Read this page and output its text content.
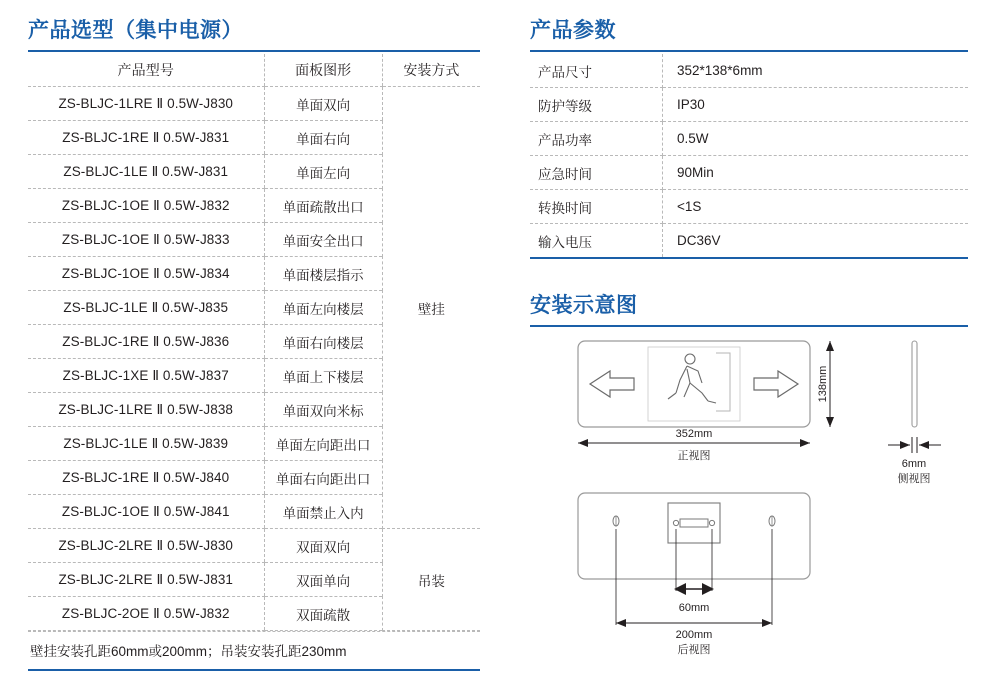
产品选型（集中电源）
产品型号	面板图形	安装方式
ZS-BLJC-1LRE Ⅱ 0.5W-J830	单面双向	壁挂
ZS-BLJC-1RE Ⅱ 0.5W-J831	单面右向	
ZS-BLJC-1LE Ⅱ 0.5W-J831	单面左向	
ZS-BLJC-1OE Ⅱ 0.5W-J832	单面疏散出口	
ZS-BLJC-1OE Ⅱ 0.5W-J833	单面安全出口	
ZS-BLJC-1OE Ⅱ 0.5W-J834	单面楼层指示	
ZS-BLJC-1LE Ⅱ 0.5W-J835	单面左向楼层	
ZS-BLJC-1RE Ⅱ 0.5W-J836	单面右向楼层	
ZS-BLJC-1XE Ⅱ 0.5W-J837	单面上下楼层	
ZS-BLJC-1LRE Ⅱ 0.5W-J838	单面双向米标	
ZS-BLJC-1LE Ⅱ 0.5W-J839	单面左向距出口	
ZS-BLJC-1RE Ⅱ 0.5W-J840	单面右向距出口	
ZS-BLJC-1OE Ⅱ 0.5W-J841	单面禁止入内	
ZS-BLJC-2LRE Ⅱ 0.5W-J830	双面双向	吊装
ZS-BLJC-2LRE Ⅱ 0.5W-J831	双面单向	
ZS-BLJC-2OE Ⅱ 0.5W-J832	双面疏散	
壁挂安装孔距60mm或200mm；吊装安装孔距230mm
产品参数
产品尺寸	352*138*6mm
防护等级	IP30
产品功率	0.5W
应急时间	90Min
转换时间	<1S
输入电压	DC36V
安装示意图
352mm
正视图
138mm
6mm
侧视图
60mm
200mm
后视图
